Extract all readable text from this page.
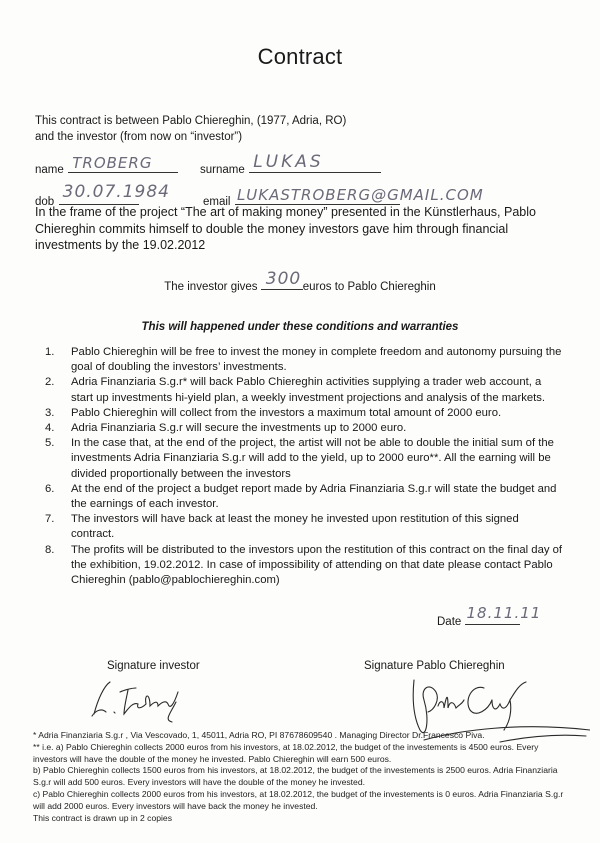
Contract
This contract is between Pablo Chiereghin, (1977, Adria, RO)
and the investor (from now on “investor”)
name TROBERG	surname LUKAS
dob 30.07.1984	email LUKASTROBERG@GMAIL.COM
In the frame of the project “The art of making money” presented in the Künstlerhaus, Pablo Chiereghin commits himself to double the money investors gave him through financial investments by the 19.02.2012
The investor gives 300 euros to Pablo Chiereghin
This will happened under these conditions and warranties
1. Pablo Chiereghin will be free to invest the money in complete freedom and autonomy pursuing the goal of doubling the investors’ investments.
2. Adria Finanziaria S.g.r* will back Pablo Chiereghin activities supplying a trader web account, a start up investments hi-yield plan, a weekly investment projections and analysis of the markets.
3. Pablo Chiereghin will collect from the investors a maximum total amount of 2000 euro.
4. Adria Finanziaria S.g.r will secure the investments up to 2000 euro.
5. In the case that, at the end of the project, the artist will not be able to double the initial sum of the investments Adria Finanziaria S.g.r will add to the yield, up to 2000 euro**. All the earning will be divided proportionally between the investors
6. At the end of the project a budget report made by Adria Finanziaria S.g.r will state the budget and the earnings of each investor.
7. The investors will have back at least the money he invested upon restitution of this signed contract.
8. The profits will be distributed to the investors upon the restitution of this contract on the final day of the exhibition, 19.02.2012. In case of impossibility of attending on that date please contact Pablo Chiereghin (pablo@pablochiereghin.com)
Date 18.11.11
Signature investor	Signature Pablo Chiereghin
* Adria Finanziaria S.g.r , Via Vescovado, 1, 45011, Adria RO, PI 87678609540 . Managing Director Dr.Francesco Piva.
** i.e. a) Pablo Chiereghin collects 2000 euros from his investors, at 18.02.2012, the budget of the investements is 4500 euros. Every investors will have the double of the money he invested. Pablo Chiereghin will earn 500 euros.
b) Pablo Chiereghin collects 1500 euros from his investors, at 18.02.2012, the budget of the investements is 2500 euros. Adria Finanziaria S.g.r will add 500 euros. Every investors will have the double of the money he invested.
c) Pablo Chiereghin collects 2000 euros from his investors, at 18.02.2012, the budget of the investements is 0 euros. Adria Finanziaria S.g.r will add 2000 euros. Every investors will have back the money he invested.
This contract is drawn up in 2 copies
